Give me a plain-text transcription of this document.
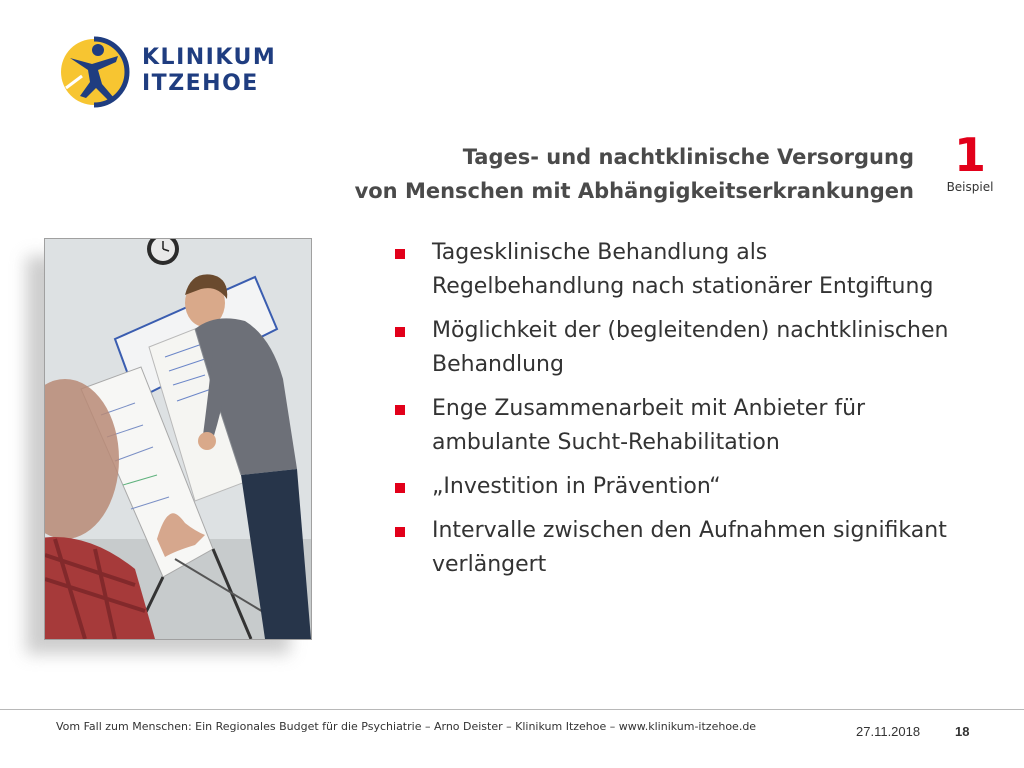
KLINIKUM
ITZEHOE
Tages- und nachtklinische Versorgung
von Menschen mit Abhängigkeitserkrankungen
1
Beispiel
Tagesklinische Behandlung als Regelbehandlung nach stationärer Entgiftung
Möglichkeit der (begleitenden) nachtklinischen Behandlung
Enge Zusammenarbeit mit Anbieter für ambulante Sucht-Rehabilitation
„Investition in Prävention“
Intervalle zwischen den Aufnahmen signifikant verlängert
Vom Fall zum Menschen: Ein Regionales Budget für die Psychiatrie – Arno Deister – Klinikum Itzehoe – www.klinikum-itzehoe.de	27.11.2018	18
